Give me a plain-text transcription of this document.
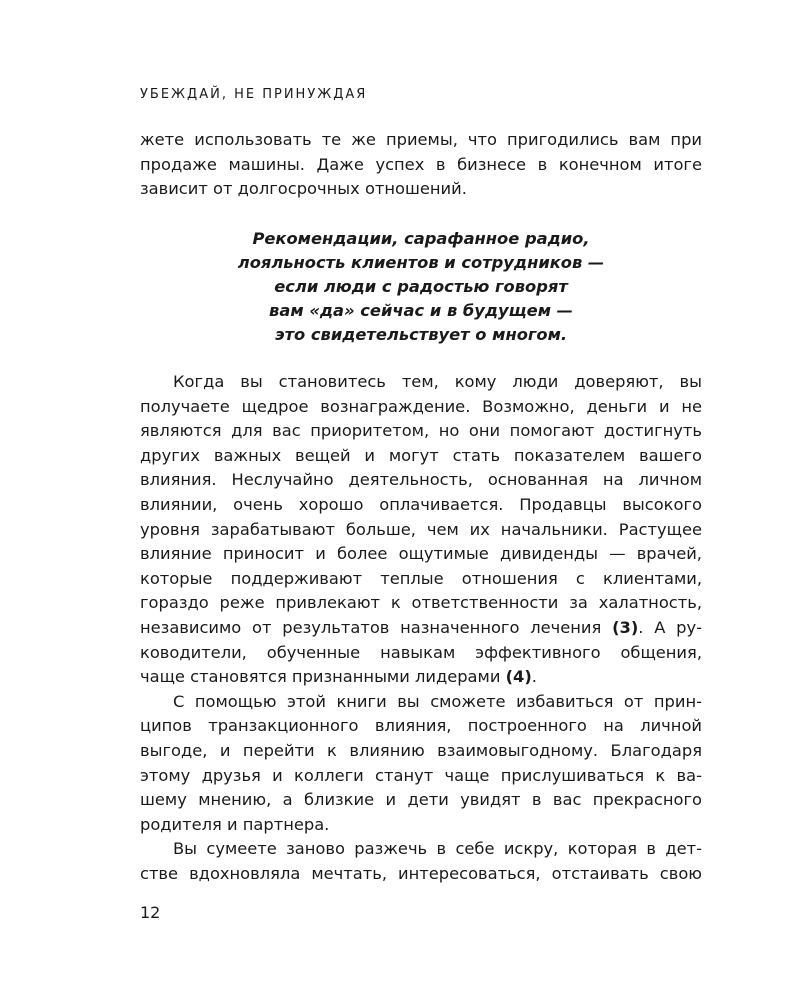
УБЕЖДАЙ, НЕ ПРИНУЖДАЯ
жете использовать те же приемы, что пригодились вам при
продаже машины. Даже успех в бизнесе в конечном итоге
зависит от долгосрочных отношений.
Рекомендации, сарафанное радио,
лояльность клиентов и сотрудников —
если люди с радостью говорят
вам «да» сейчас и в будущем —
это свидетельствует о многом.
Когда вы становитесь тем, кому люди доверяют, вы
получаете щедрое вознаграждение. Возможно, деньги и не
являются для вас приоритетом, но они помогают достигнуть
других важных вещей и могут стать показателем вашего
влияния. Неслучайно деятельность, основанная на личном
влиянии, очень хорошо оплачивается. Продавцы высокого
уровня зарабатывают больше, чем их начальники. Растущее
влияние приносит и более ощутимые дивиденды — врачей,
которые поддерживают теплые отношения с клиентами,
гораздо реже привлекают к ответственности за халатность,
независимо от результатов назначенного лечения (3). А ру-
ководители, обученные навыкам эффективного общения,
чаще становятся признанными лидерами (4).
С помощью этой книги вы сможете избавиться от прин-
ципов транзакционного влияния, построенного на личной
выгоде, и перейти к влиянию взаимовыгодному. Благодаря
этому друзья и коллеги станут чаще прислушиваться к ва-
шему мнению, а близкие и дети увидят в вас прекрасного
родителя и партнера.
Вы сумеете заново разжечь в себе искру, которая в дет-
стве вдохновляла мечтать, интересоваться, отстаивать свою
12
